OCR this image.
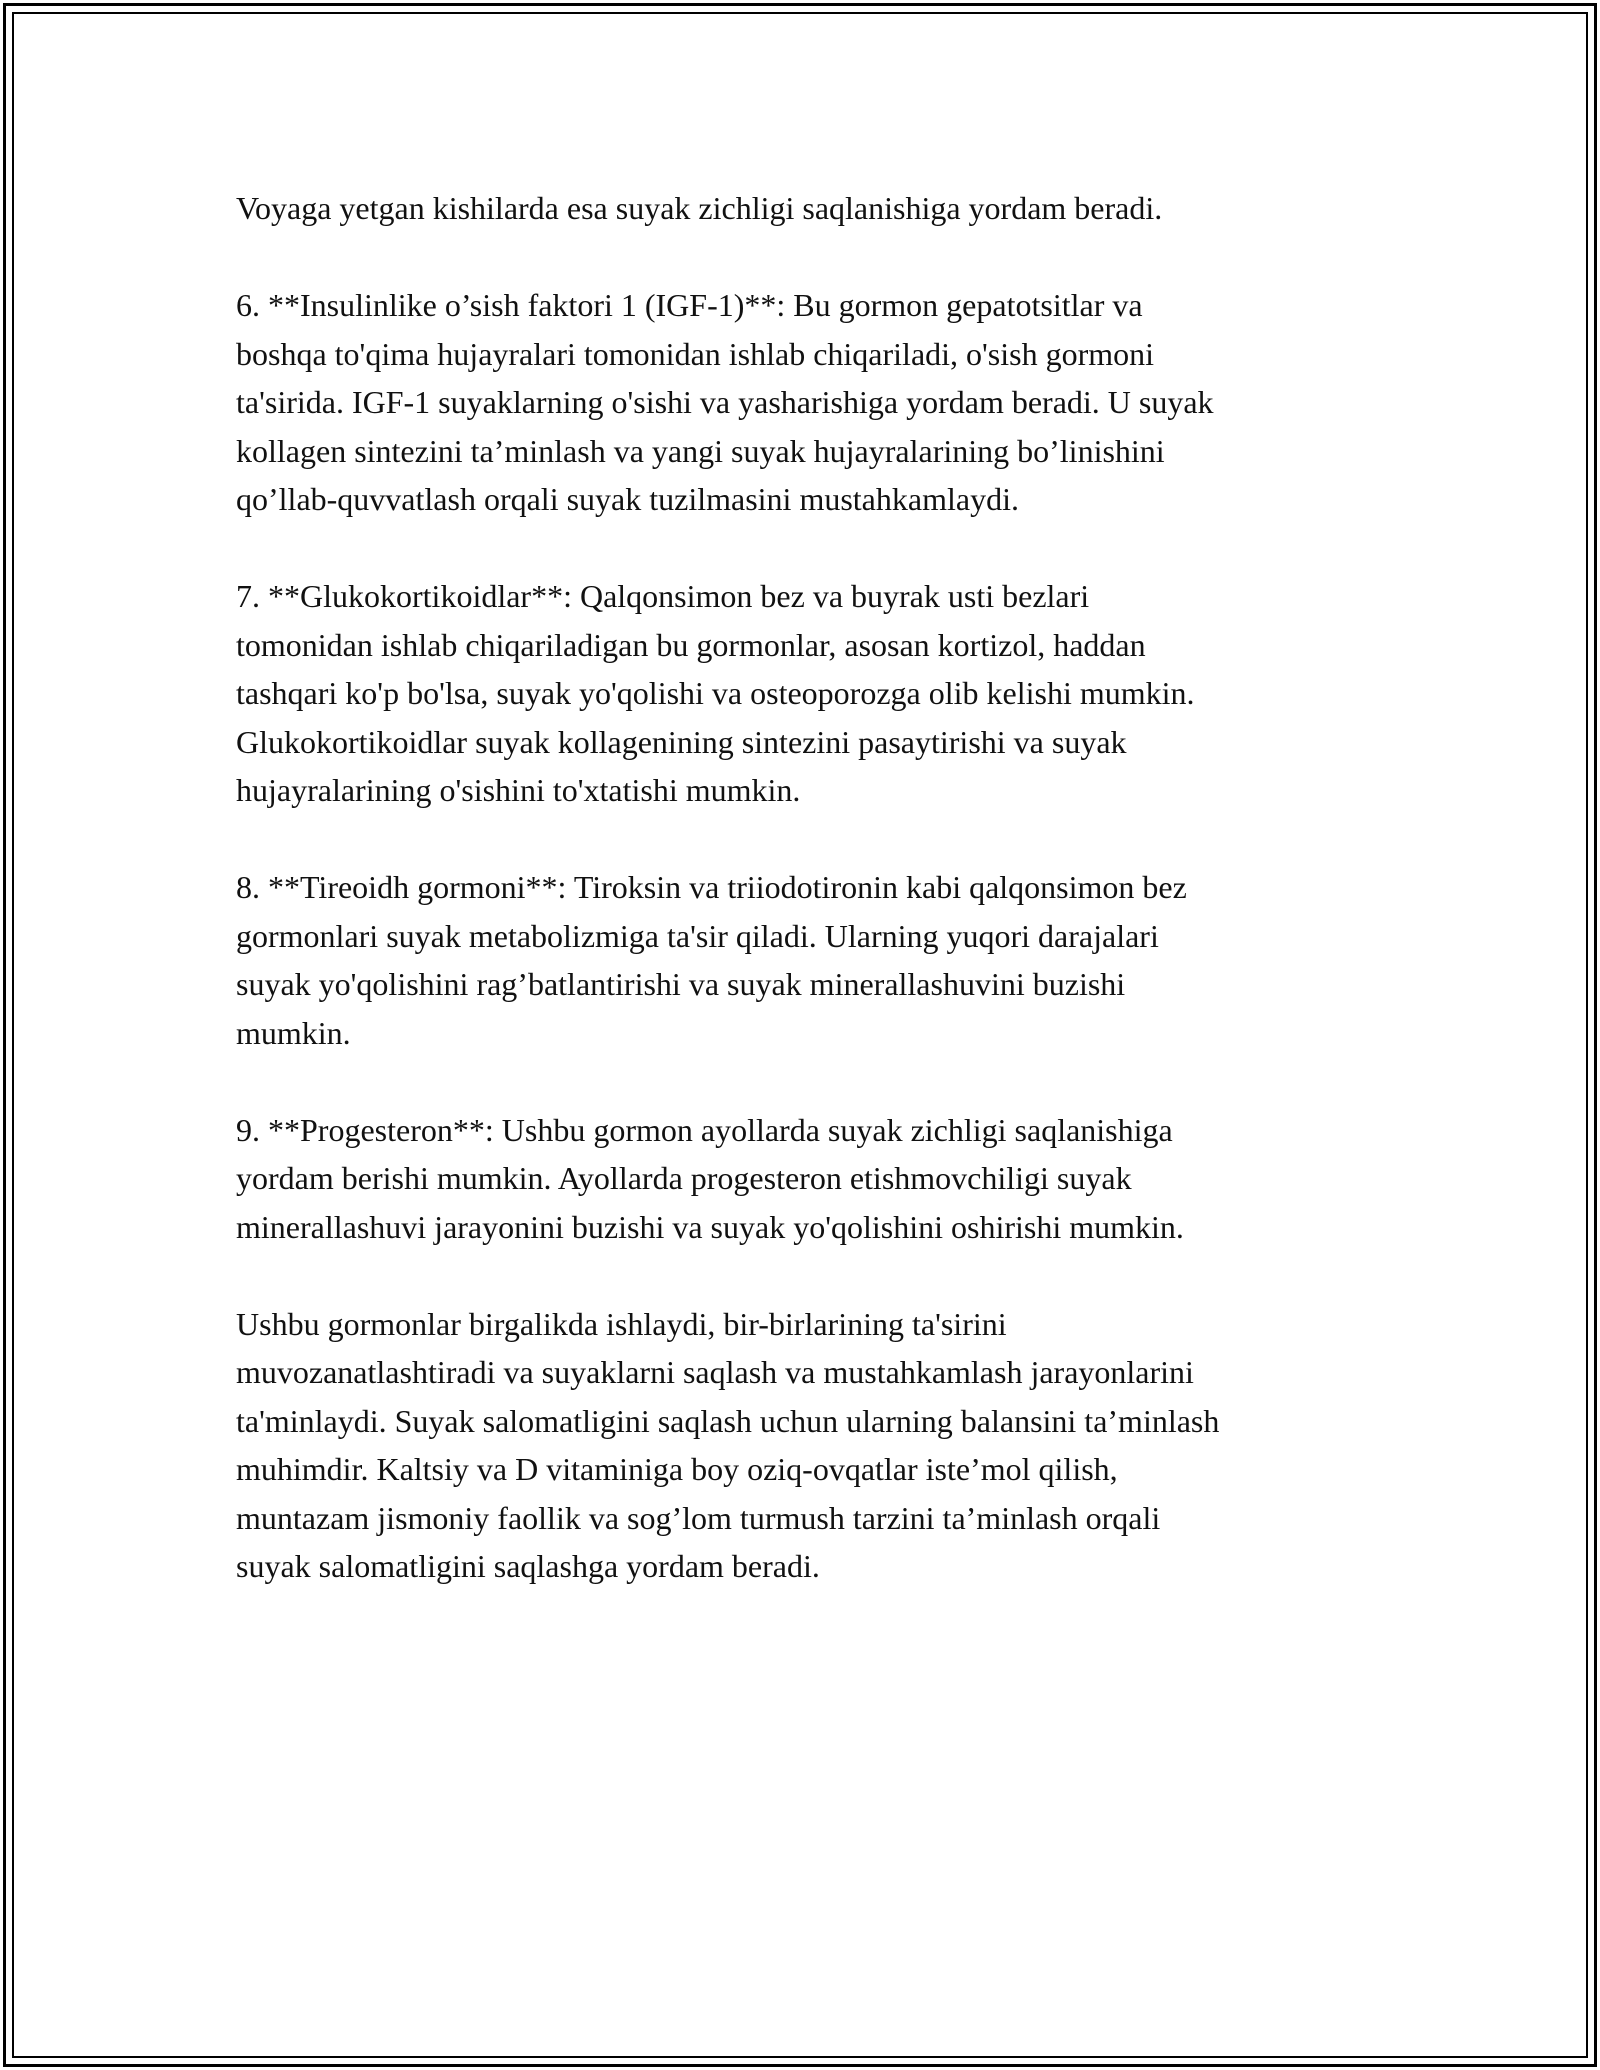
Voyaga yetgan kishilarda esa suyak zichligi saqlanishiga yordam beradi.

6. **Insulinlike o’sish faktori 1 (IGF-1)**: Bu gormon gepatotsitlar va
boshqa to'qima hujayralari tomonidan ishlab chiqariladi, o'sish gormoni
ta'sirida. IGF-1 suyaklarning o'sishi va yasharishiga yordam beradi. U suyak
kollagen sintezini ta’minlash va yangi suyak hujayralarining bo’linishini
qo’llab-quvvatlash orqali suyak tuzilmasini mustahkamlaydi.

7. **Glukokortikoidlar**: Qalqonsimon bez va buyrak usti bezlari
tomonidan ishlab chiqariladigan bu gormonlar, asosan kortizol, haddan
tashqari ko'p bo'lsa, suyak yo'qolishi va osteoporozga olib kelishi mumkin.
Glukokortikoidlar suyak kollagenining sintezini pasaytirishi va suyak
hujayralarining o'sishini to'xtatishi mumkin.

8. **Tireoidh gormoni**: Tiroksin va triiodotironin kabi qalqonsimon bez
gormonlari suyak metabolizmiga ta'sir qiladi. Ularning yuqori darajalari
suyak yo'qolishini rag’batlantirishi va suyak minerallashuvini buzishi
mumkin.

9. **Progesteron**: Ushbu gormon ayollarda suyak zichligi saqlanishiga
yordam berishi mumkin. Ayollarda progesteron etishmovchiligi suyak
minerallashuvi jarayonini buzishi va suyak yo'qolishini oshirishi mumkin.

Ushbu gormonlar birgalikda ishlaydi, bir-birlarining ta'sirini
muvozanatlashtiradi va suyaklarni saqlash va mustahkamlash jarayonlarini
ta'minlaydi. Suyak salomatligini saqlash uchun ularning balansini ta’minlash
muhimdir. Kaltsiy va D vitaminiga boy oziq-ovqatlar iste’mol qilish,
muntazam jismoniy faollik va sog’lom turmush tarzini ta’minlash orqali
suyak salomatligini saqlashga yordam beradi.
